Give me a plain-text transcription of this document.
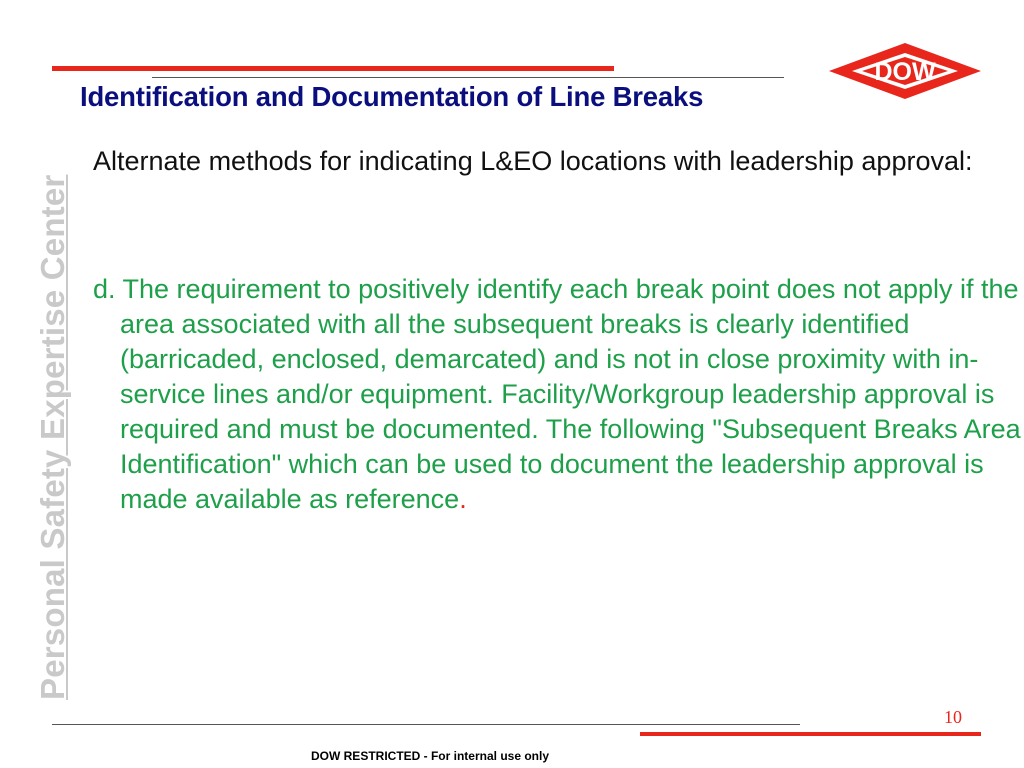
DOW
Identification and Documentation of Line Breaks
Personal Safety Expertise Center
Alternate methods for indicating L&EO locations with leadership approval:
d. The requirement to positively identify each break point does not apply if the area associated with all the subsequent breaks is clearly identified (barricaded, enclosed, demarcated) and is not in close proximity with in-service lines and/or equipment. Facility/Workgroup leadership approval is required and must be documented. The following "Subsequent Breaks Area Identification" which can be used to document the leadership approval is made available as reference.
10
DOW RESTRICTED - For internal use only
